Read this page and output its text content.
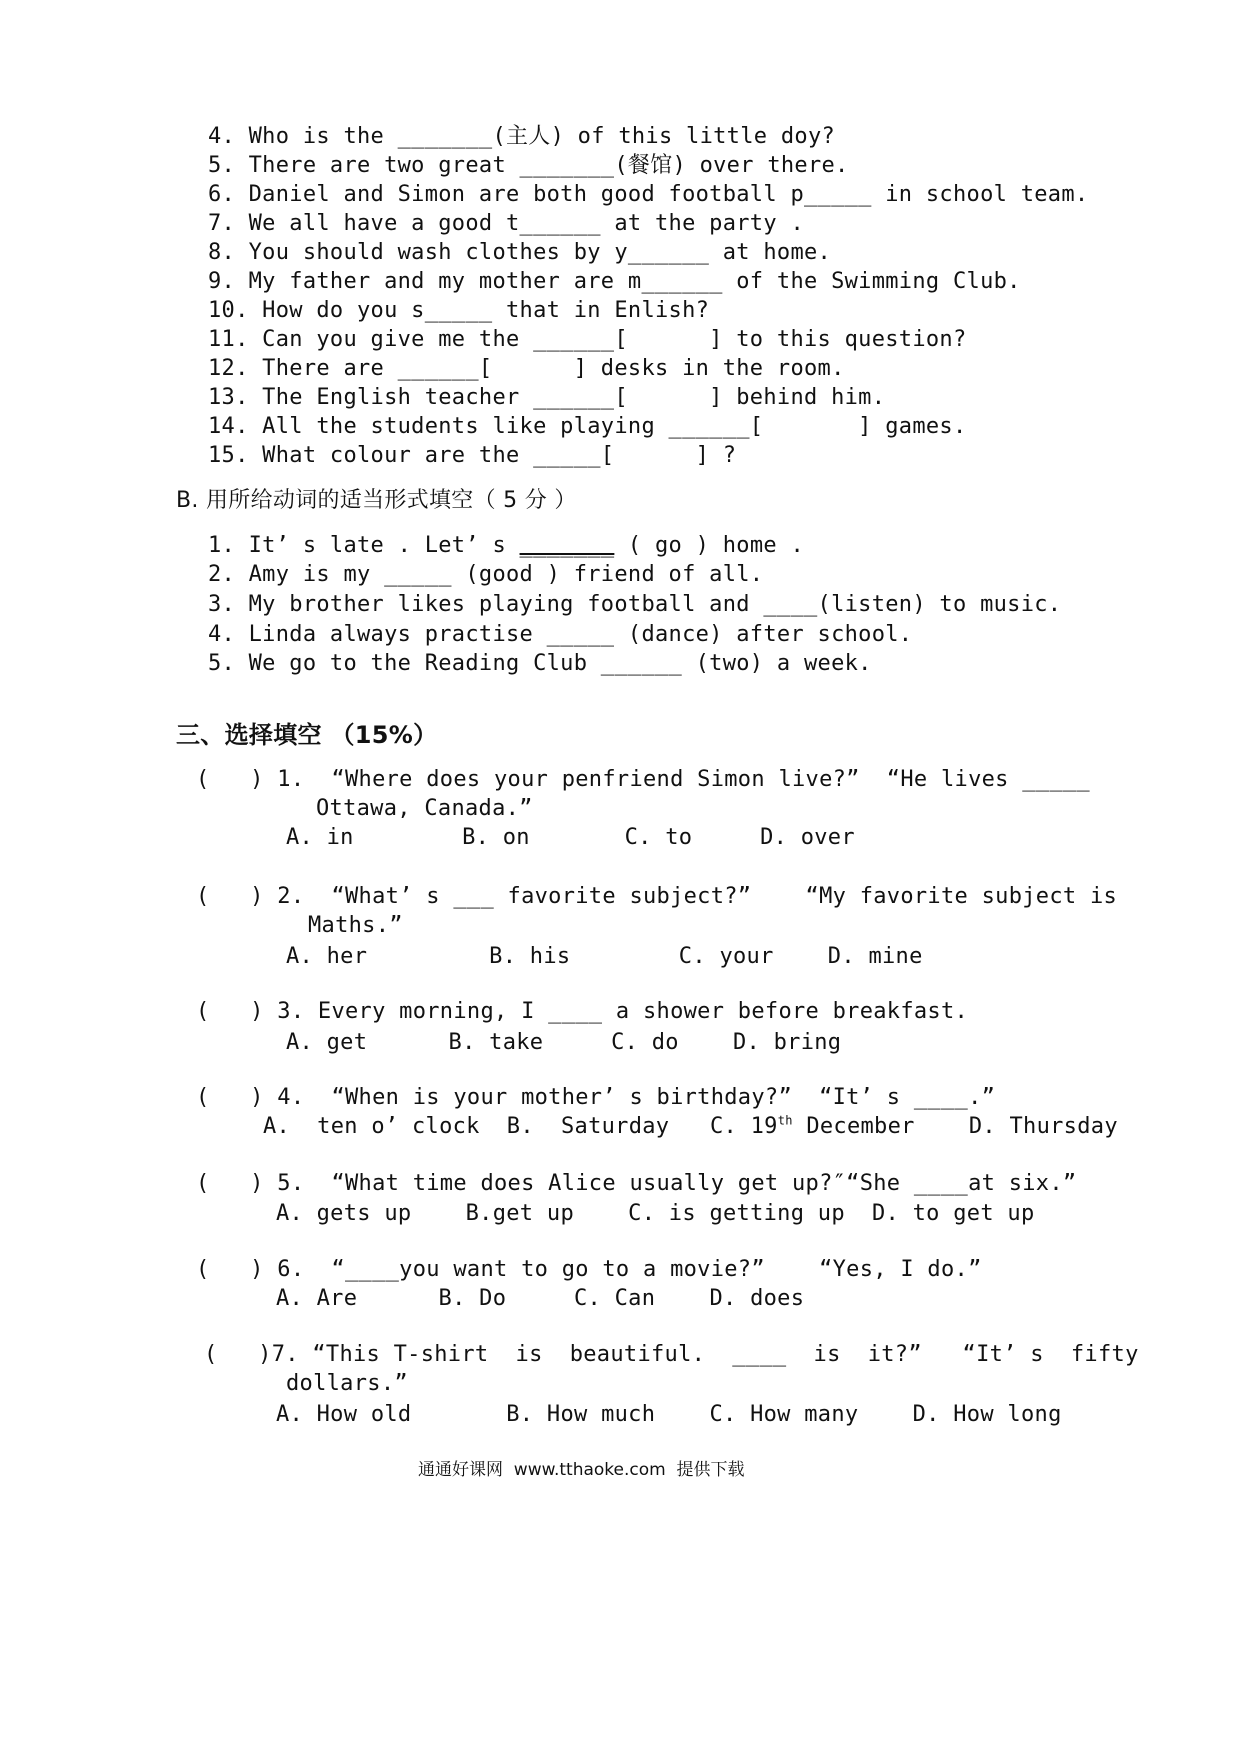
4. Who is the _______(主人) of this little doy?
5. There are two great _______(餐馆) over there.
6. Daniel and Simon are both good football p_____ in school team.
7. We all have a good t______ at the party .
8. You should wash clothes by y______ at home.
9. My father and my mother are m______ of the Swimming Club.
10. How do you s_____ that in Enlish?
11. Can you give me the ______[      ] to this question?
12. There are ______[      ] desks in the room.
13. The English teacher ______[      ] behind him.
14. All the students like playing ______[       ] games.
15. What colour are the _____[      ] ?
B. 用所给动词的适当形式填空（ 5 分 ）
1. It’ s late . Let’ s _______ ( go ) home .
2. Amy is my _____ (good ) friend of all.
3. My brother likes playing football and ____(listen) to music.
4. Linda always practise _____ (dance) after school.
5. We go to the Reading Club ______ (two) a week.
三、选择填空 （15%）
(   ) 1.  “Where does your penfriend Simon live?”  “He lives _____
Ottawa, Canada.”
A. in        B. on       C. to     D. over
(   ) 2.  “What’ s ___ favorite subject?”    “My favorite subject is
Maths.”
A. her         B. his        C. your    D. mine
(   ) 3. Every morning, I ____ a shower before breakfast.
A. get      B. take     C. do    D. bring
(   ) 4.  “When is your mother’ s birthday?”  “It’ s ____.”
A.  ten o’ clock  B.  Saturday   C. 19th December    D. Thursday
(   ) 5.  “What time does Alice usually get up?″“She ____at six.”
A. gets up    B.get up    C. is getting up  D. to get up
(   ) 6.  “____you want to go to a movie?”    “Yes, I do.”
A. Are      B. Do     C. Can    D. does
(   )7. “This T-shirt  is  beautiful.  ____  is  it?”   “It’ s  fifty
dollars.”
A. How old       B. How much    C. How many    D. How long
通通好课网  www.tthaoke.com  提供下载
